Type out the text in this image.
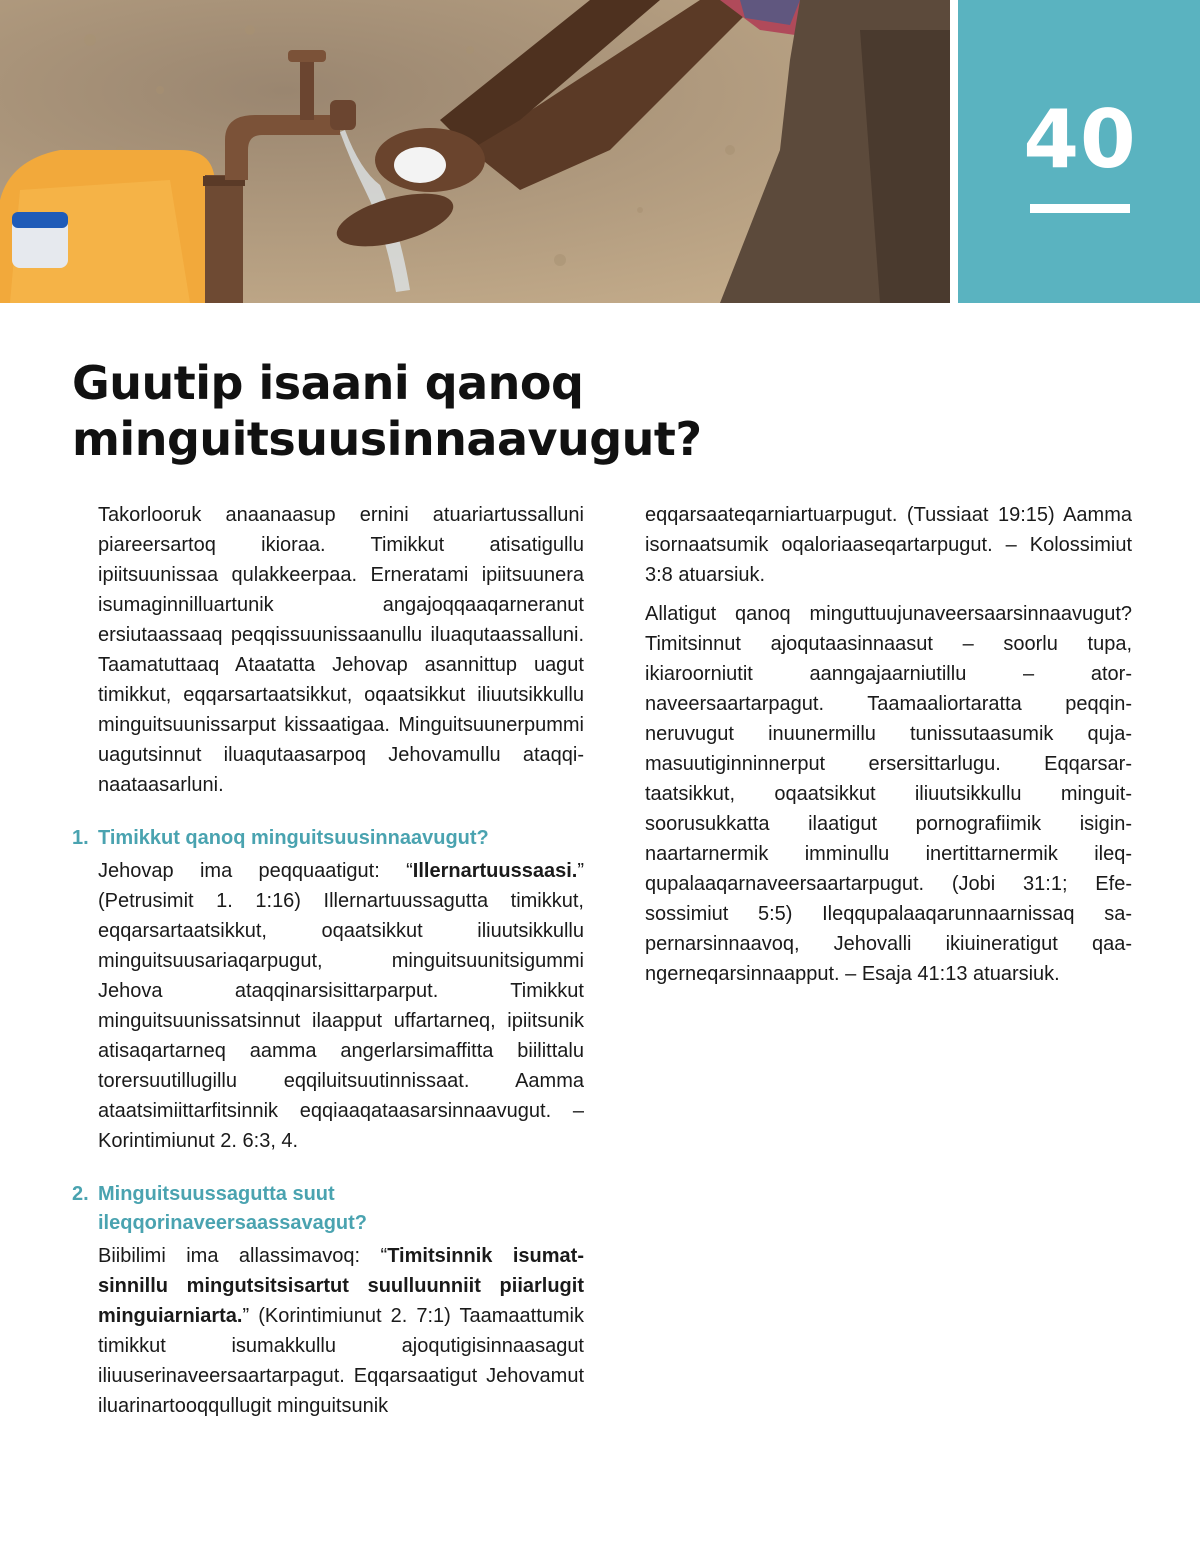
40
Guutip isaani qanoq minguitsuusinnaavugut?

Takorlooruk anaanaasup ernini atuariartussalluni piareersartoq ikioraa. Timikkut atisatigullu ipiitsuunissaa qulakkeerpaa. Erneratami ipiitsuunera isumaginnilluartunik angajoqqaaqarneranut ersiutaassaaq peqqissuunissaanullu iluaqutaassalluni. Taamatuttaaq Ataatatta Jehovap asannittup uagut timikkut, eqqarsartaatsikkut, oqaatsikkut iliuutsikkullu minguitsuunissarput kissaatigaa. Minguitsuunerpummi uagutsinnut iluaqutaasarpoq Jehovamullu ataqqinaataasarluni.

1. Timikkut qanoq minguitsuusinnaavugut?

Jehovap ima peqquaatigut: “Illernartuussaasi.” (Petrusimit 1. 1:16) Illernartuussagutta timikkut, eqqarsartaatsikkut, oqaatsikkut iliuutsikkullu minguitsuusariaqarpugut, minguitsuunitsigummi Jehova ataqqinarsisittarparput. Timikkut minguitsuunissatsinnut ilaapput uffartarneq, ipiitsunik atisaqartarneq aamma angerlarsimaffitta biilittalu torersuutillugillu eqqiluitsuutinnissaat. Aamma ataatsimiittarfitsinnik eqqiaaqataasarsinnaavugut. – Korintimiunut 2. 6:3, 4.

2. Minguitsuussagutta suut ileqqorinaveersaassavagut?

Biibilimi ima allassimavoq: “Timitsinnik isumatsinnillu mingutsitsisartut suulluunniit piiarlugit minguiarniarta.” (Korintimiunut 2. 7:1) Taamaattumik timikkut isumakkullu ajoqutigisinnaasagut iliuuserinaveersaartarpagut. Eqqarsaatigut Jehovamut iluarinartooqqullugit minguitsunik

eqqarsaateqarniartuarpugut. (Tussiaat 19:15) Aamma isornaatsumik oqaloriaaseqartarpugut. – Kolossimiut 3:8 atuarsiuk.

Allatigut qanoq minguttuujunaveersaarsinnaavugut? Timitsinnut ajoqutaasinnaasut – soorlu tupa, ikiaroorniutit aanngajaarniutillu – atornaveersaartarpagut. Taamaaliortaratta peqqinneruvugut inuunermillu tunissutaasumik qujamasuutiginninnerput ersersittarlugu. Eqqarsartaatsikkut, oqaatsikkut iliuutsikkullu minguitsoorusukkatta ilaatigut pornografiimik isiginnaartarnermik imminullu inertittarnermik ileqqupalaaqarnaveersaartarpugut. (Jobi 31:1; Efesossimiut 5:5) Ileqqupalaaqarunnaarnissaq sapernarsinnaavoq, Jehovalli ikiuineratigut qaangerneqarsinnaapput. – Esaja 41:13 atuarsiuk.
